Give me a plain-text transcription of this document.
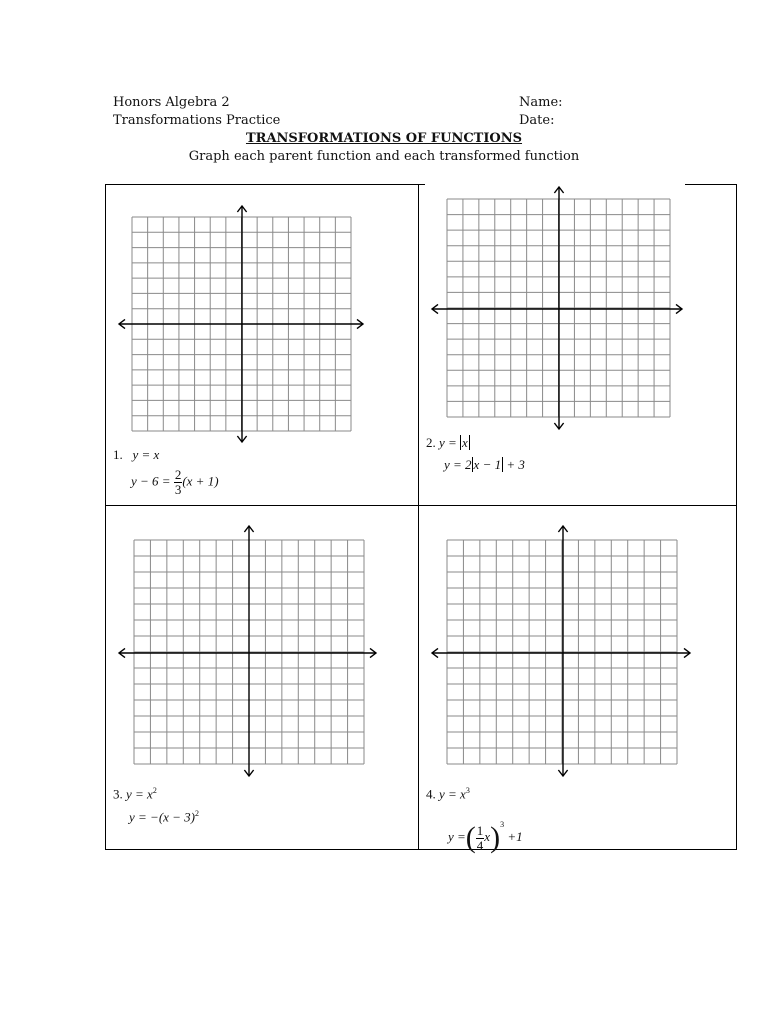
Honors Algebra 2
Transformations Practice
Name:
Date:
TRANSFORMATIONS OF FUNCTIONS
Graph each parent function and each transformed function
1. y = x
$y - 6 = \frac{2}{3} (x + 1)$
2. y = x
y = 2 x − 1 + 3
3. $y = x^2$
$y = -(x - 3)^2$
4. $y = x^3$
y =( $\frac{1}{4} x)^3 +1$
